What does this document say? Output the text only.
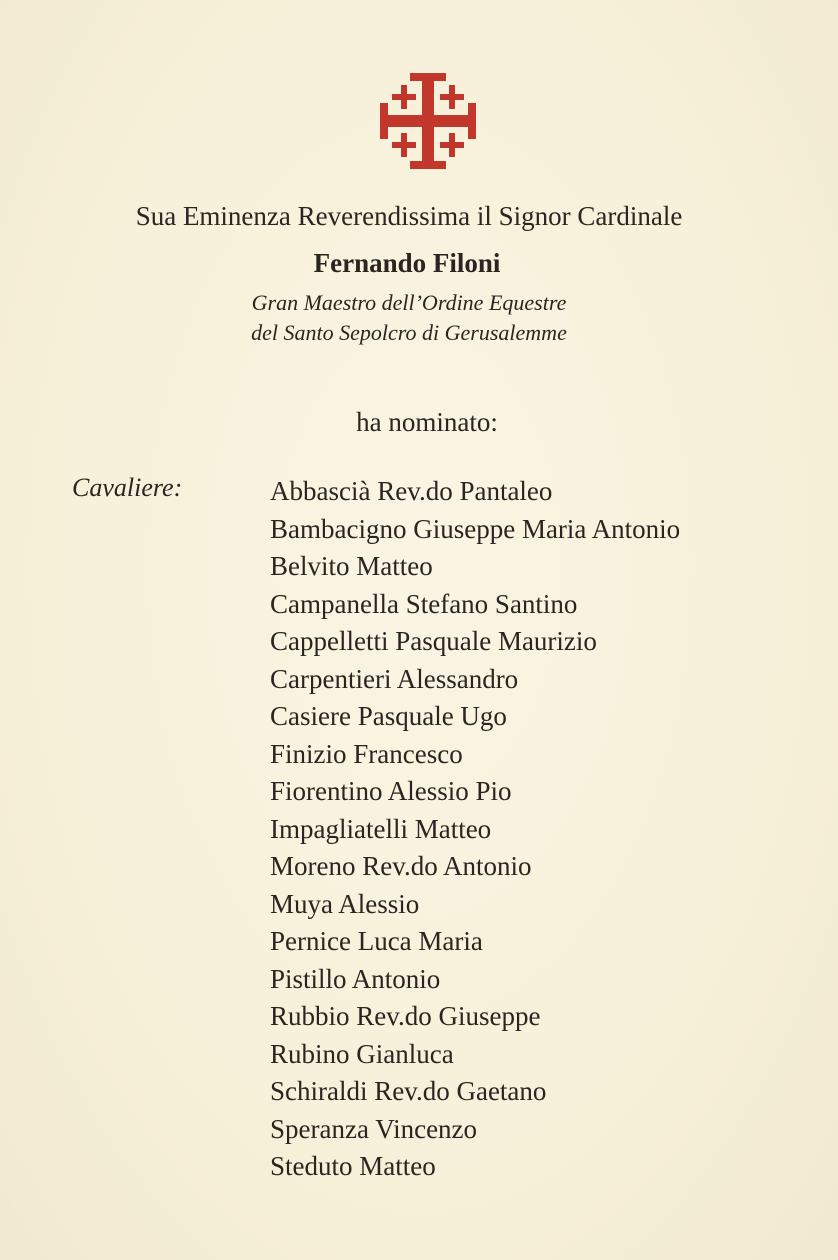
Sua Eminenza Reverendissima il Signor Cardinale
Fernando Filoni
Gran Maestro dell’Ordine Equestre
del Santo Sepolcro di Gerusalemme
ha nominato:
Cavaliere:	Abbascià Rev.do Pantaleo
Bambacigno Giuseppe Maria Antonio
Belvito Matteo
Campanella Stefano Santino
Cappelletti Pasquale Maurizio
Carpentieri Alessandro
Casiere Pasquale Ugo
Finizio Francesco
Fiorentino Alessio Pio
Impagliatelli Matteo
Moreno Rev.do Antonio
Muya Alessio
Pernice Luca Maria
Pistillo Antonio
Rubbio Rev.do Giuseppe
Rubino Gianluca
Schiraldi Rev.do Gaetano
Speranza Vincenzo
Steduto Matteo
